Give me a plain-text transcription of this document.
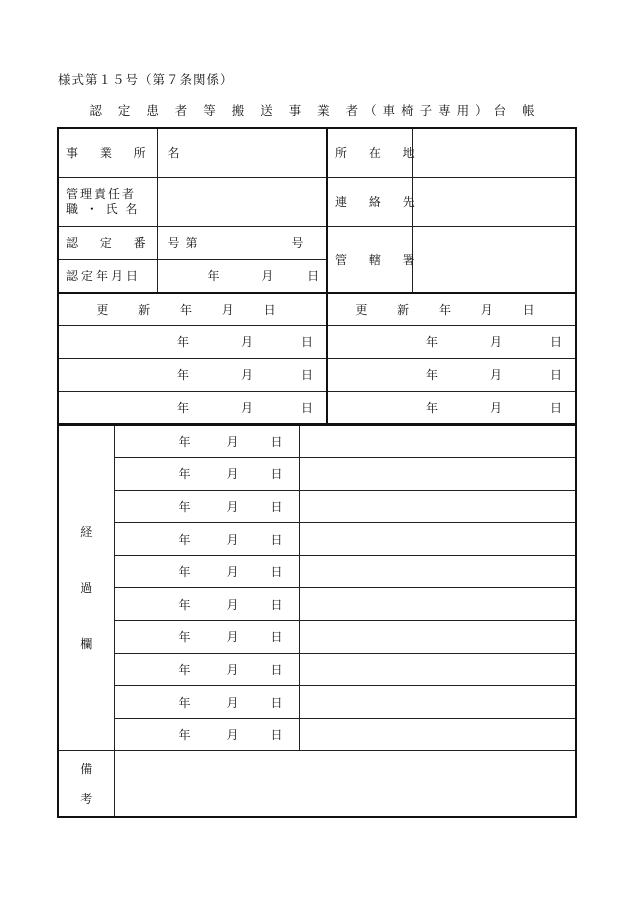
様式第１５号（第７条関係）
認 定 患 者 等 搬 送 事 業 者（車椅子専用）台 帳
事 業 所 名		所 在 地	

管理責任者
職 ・ 氏 名		連 絡 先	
認 定 番 号	第 号	管 轄 署	
認定年月日	年 月 日		
更 新 年 月 日		更 新 年 月 日	
年 月 日		年 月 日	
年 月 日		年 月 日	
年 月 日		年 月 日	
経
過
欄	年 月 日	
	年 月 日	
	年 月 日	
	年 月 日	
	年 月 日	
	年 月 日	
	年 月 日	
	年 月 日	
	年 月 日	
	年 月 日	

備
考		
